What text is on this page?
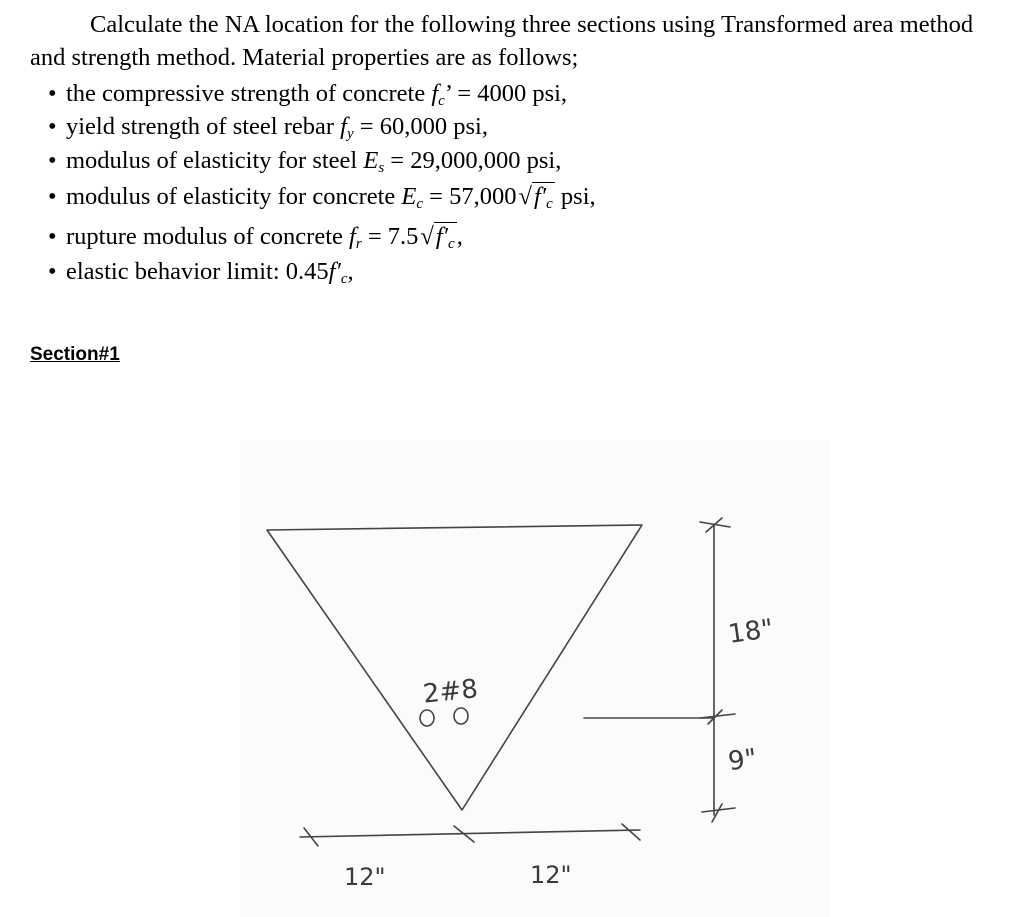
Calculate the NA location for the following three sections using Transformed area method
and strength method. Material properties are as follows;
• the compressive strength of concrete $f_c$’ = 4000 psi,
• yield strength of steel rebar $f_y = 60,000$ psi,
• modulus of elasticity for steel $E_s = 29,000,000$ psi,
• modulus of elasticity for concrete $E_c = 57,000√f'_c$ psi,
• rupture modulus of concrete $f_r = 7.5√f'_c$,
• elastic behavior limit: $0.45f'_c$,
Section#1
2#8
18"
9"
12"	12"
